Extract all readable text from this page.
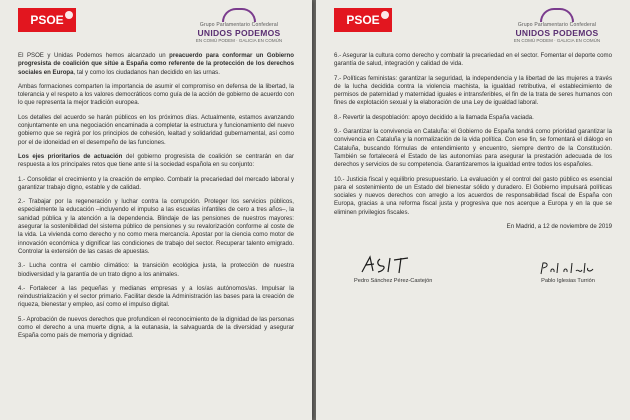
PSOE	Grupo Parlamentario Confederal
UNIDOS PODEMOS
EN COMÚ PODEM · GALICIA EN COMÚN

El PSOE y Unidas Podemos hemos alcanzado un preacuerdo para conformar un Gobierno progresista de coalición que sitúe a España como referente de la protección de los derechos sociales en Europa, tal y como los ciudadanos han decidido en las urnas.

Ambas formaciones comparten la importancia de asumir el compromiso en defensa de la libertad, la tolerancia y el respeto a los valores democráticos como guía de la acción de gobierno de acuerdo con lo que representa la mejor tradición europea.

Los detalles del acuerdo se harán públicos en los próximos días. Actualmente, estamos avanzando conjuntamente en una negociación encaminada a completar la estructura y funcionamiento del nuevo gobierno que se regirá por los principios de cohesión, lealtad y solidaridad gubernamental, así como por el de idoneidad en el desempeño de las funciones.

Los ejes prioritarios de actuación del gobierno progresista de coalición se centrarán en dar respuesta a los principales retos que tiene ante sí la sociedad española en su conjunto:

1.- Consolidar el crecimiento y la creación de empleo. Combatir la precariedad del mercado laboral y garantizar trabajo digno, estable y de calidad.

2.- Trabajar por la regeneración y luchar contra la corrupción. Proteger los servicios públicos, especialmente la educación –incluyendo el impulso a las escuelas infantiles de cero a tres años–, la sanidad pública y la atención a la dependencia. Blindaje de las pensiones de nuestros mayores: asegurar la sostenibilidad del sistema público de pensiones y su revalorización conforme al coste de la vida. La vivienda como derecho y no como mera mercancía. Apostar por la ciencia como motor de innovación económica y dignificar las condiciones de trabajo del sector. Recuperar talento emigrado. Controlar la extensión de las casas de apuestas.

3.- Lucha contra el cambio climático: la transición ecológica justa, la protección de nuestra biodiversidad y la garantía de un trato digno a los animales.

4.- Fortalecer a las pequeñas y medianas empresas y a los/as autónomos/as. Impulsar la reindustrialización y el sector primario. Facilitar desde la Administración las bases para la creación de riqueza, bienestar y empleo, así como el impulso digital.

5.- Aprobación de nuevos derechos que profundicen el reconocimiento de la dignidad de las personas como el derecho a una muerte digna, a la eutanasia, la salvaguarda de la diversidad y asegurar España como país de memoria y dignidad.

PSOE	Grupo Parlamentario Confederal
UNIDOS PODEMOS
EN COMÚ PODEM · GALICIA EN COMÚN

6.- Asegurar la cultura como derecho y combatir la precariedad en el sector. Fomentar el deporte como garantía de salud, integración y calidad de vida.

7.- Políticas feministas: garantizar la seguridad, la independencia y la libertad de las mujeres a través de la lucha decidida contra la violencia machista, la igualdad retributiva, el establecimiento de permisos de paternidad y maternidad iguales e intransferibles, el fin de la trata de seres humanos con fines de explotación sexual y la elaboración de una Ley de igualdad laboral.

8.- Revertir la despoblación: apoyo decidido a la llamada España vaciada.

9.- Garantizar la convivencia en Cataluña: el Gobierno de España tendrá como prioridad garantizar la convivencia en Cataluña y la normalización de la vida política. Con ese fin, se fomentará el diálogo en Cataluña, buscando fórmulas de entendimiento y encuentro, siempre dentro de la Constitución. También se fortalecerá el Estado de las autonomías para asegurar la prestación adecuada de los derechos y servicios de su competencia. Garantizaremos la igualdad entre todos los españoles.

10.- Justicia fiscal y equilibrio presupuestario. La evaluación y el control del gasto público es esencial para el sostenimiento de un Estado del bienestar sólido y duradero. El Gobierno impulsará políticas sociales y nuevos derechos con arreglo a los acuerdos de responsabilidad fiscal de España con Europa, gracias a una reforma fiscal justa y progresiva que nos acerque a Europa y en la que se eliminen privilegios fiscales.

En Madrid, a 12 de noviembre de 2019
Pedro Sánchez Pérez-Castejón	Pablo Iglesias Turrión
